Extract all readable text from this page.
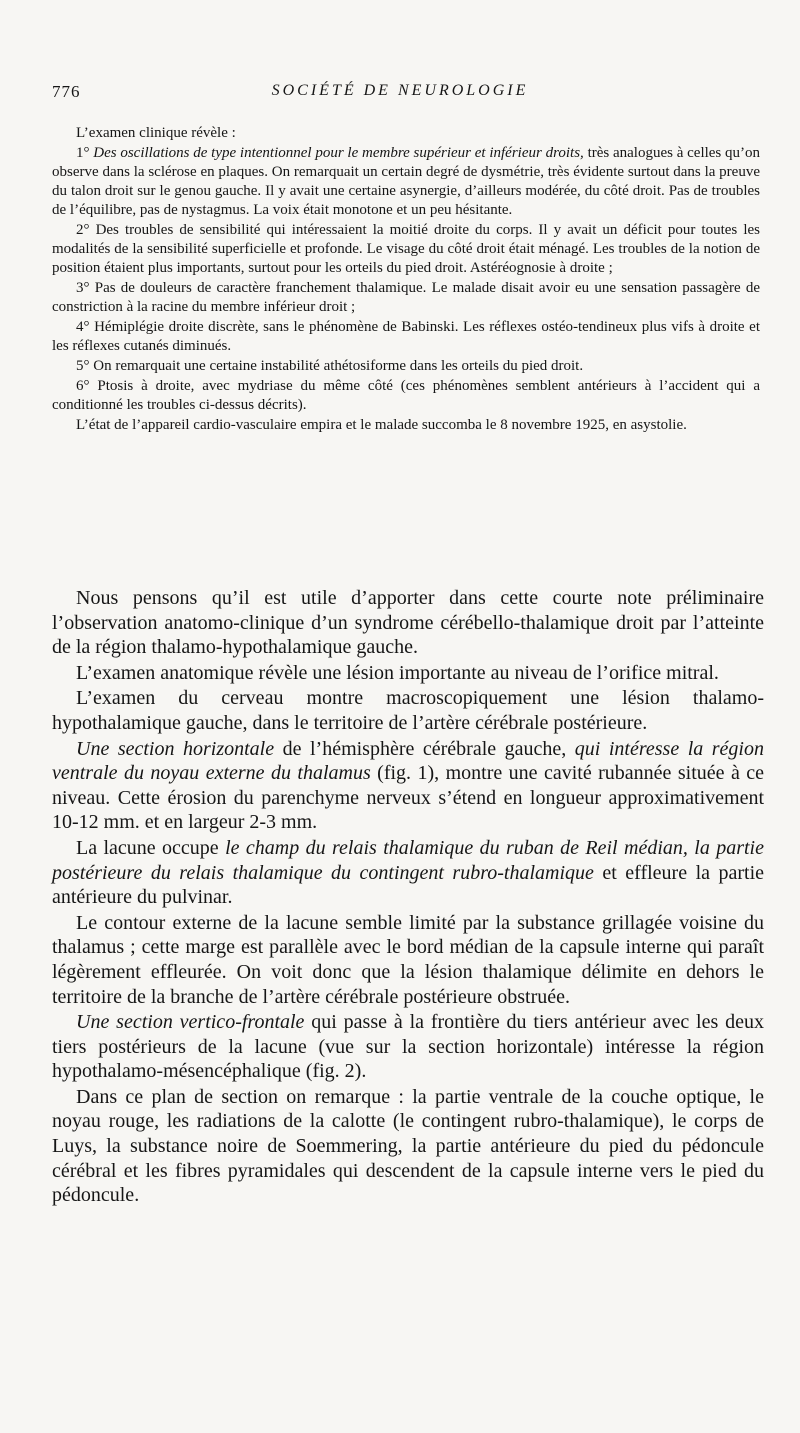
776	SOCIÉTÉ DE NEUROLOGIE

L’examen clinique révèle :

1° Des oscillations de type intentionnel pour le membre supérieur et inférieur droits, très analogues à celles qu’on observe dans la sclérose en plaques. On remarquait un certain degré de dysmétrie, très évidente surtout dans la preuve du talon droit sur le genou gauche. Il y avait une certaine asynergie, d’ailleurs modérée, du côté droit. Pas de troubles de l’équilibre, pas de nystagmus. La voix était monotone et un peu hésitante.

2° Des troubles de sensibilité qui intéressaient la moitié droite du corps. Il y avait un déficit pour toutes les modalités de la sensibilité superficielle et profonde. Le visage du côté droit était ménagé. Les troubles de la notion de position étaient plus importants, surtout pour les orteils du pied droit. Astéréognosie à droite ;

3° Pas de douleurs de caractère franchement thalamique. Le malade disait avoir eu une sensation passagère de constriction à la racine du membre inférieur droit ;

4° Hémiplégie droite discrète, sans le phénomène de Babinski. Les réflexes ostéo-tendineux plus vifs à droite et les réflexes cutanés diminués.

5° On remarquait une certaine instabilité athétosiforme dans les orteils du pied droit.

6° Ptosis à droite, avec mydriase du même côté (ces phénomènes semblent antérieurs à l’accident qui a conditionné les troubles ci-dessus décrits).

L’état de l’appareil cardio-vasculaire empira et le malade succomba le 8 novembre 1925, en asystolie.

Nous pensons qu’il est utile d’apporter dans cette courte note préliminaire l’observation anatomo-clinique d’un syndrome cérébello-thalamique droit par l’atteinte de la région thalamo-hypothalamique gauche.

L’examen anatomique révèle une lésion importante au niveau de l’orifice mitral.

L’examen du cerveau montre macroscopiquement une lésion thalamo-hypothalamique gauche, dans le territoire de l’artère cérébrale postérieure.

Une section horizontale de l’hémisphère cérébrale gauche, qui intéresse la région ventrale du noyau externe du thalamus (fig. 1), montre une cavité rubannée située à ce niveau. Cette érosion du parenchyme nerveux s’étend en longueur approximativement 10-12 mm. et en largeur 2-3 mm.

La lacune occupe le champ du relais thalamique du ruban de Reil médian, la partie postérieure du relais thalamique du contingent rubro-thalamique et effleure la partie antérieure du pulvinar.

Le contour externe de la lacune semble limité par la substance grillagée voisine du thalamus ; cette marge est parallèle avec le bord médian de la capsule interne qui paraît légèrement effleurée. On voit donc que la lésion thalamique délimite en dehors le territoire de la branche de l’artère cérébrale postérieure obstruée.

Une section vertico-frontale qui passe à la frontière du tiers antérieur avec les deux tiers postérieurs de la lacune (vue sur la section horizontale) intéresse la région hypothalamo-mésencéphalique (fig. 2).

Dans ce plan de section on remarque : la partie ventrale de la couche optique, le noyau rouge, les radiations de la calotte (le contingent rubro-thalamique), le corps de Luys, la substance noire de Soemmering, la partie antérieure du pied du pédoncule cérébral et les fibres pyramidales qui descendent de la capsule interne vers le pied du pédoncule.
